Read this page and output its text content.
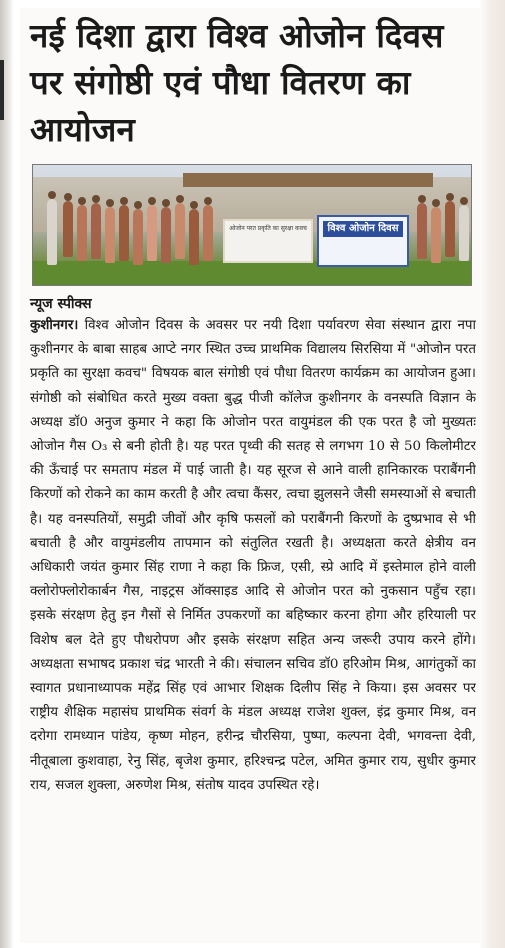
नई दिशा द्वारा विश्व ओजोन दिवस पर संगोष्ठी एवं पौधा वितरण का आयोजन
ओजोन परत प्रकृति का सुरक्षा कवच	विश्व ओजोन दिवस
न्यूज स्पीक्स

कुशीनगर। विश्व ओजोन दिवस के अवसर पर नयी दिशा पर्यावरण सेवा संस्थान द्वारा नपा कुशीनगर के बाबा साहब आप्टे नगर स्थित उच्च प्राथमिक विद्यालय सिरसिया में "ओजोन परत प्रकृति का सुरक्षा कवच" विषयक बाल संगोष्ठी एवं पौधा वितरण कार्यक्रम का आयोजन हुआ। संगोष्ठी को संबोधित करते मुख्य वक्ता बुद्ध पीजी कॉलेज कुशीनगर के वनस्पति विज्ञान के अध्यक्ष डॉ0 अनुज कुमार ने कहा कि ओजोन परत वायुमंडल की एक परत है जो मुख्यतः ओजोन गैस O₃ से बनी होती है। यह परत पृथ्वी की सतह से लगभग 10 से 50 किलोमीटर की ऊँचाई पर समताप मंडल में पाई जाती है। यह सूरज से आने वाली हानिकारक पराबैंगनी किरणों को रोकने का काम करती है और त्वचा कैंसर, त्वचा झुलसने जैसी समस्याओं से बचाती है। यह वनस्पतियों, समुद्री जीवों और कृषि फसलों को पराबैंगनी किरणों के दुष्प्रभाव से भी बचाती है और वायुमंडलीय तापमान को संतुलित रखती है। अध्यक्षता करते क्षेत्रीय वन अधिकारी जयंत कुमार सिंह राणा ने कहा कि फ्रिज, एसी, स्प्रे आदि में इस्तेमाल होने वाली क्लोरोफ्लोरोकार्बन गैस, नाइट्रस ऑक्साइड आदि से ओजोन परत को नुकसान पहुँच रहा। इसके संरक्षण हेतु इन गैसों से निर्मित उपकरणों का बहिष्कार करना होगा और हरियाली पर विशेष बल देते हुए पौधरोपण और इसके संरक्षण सहित अन्य जरूरी उपाय करने होंगे। अध्यक्षता सभाषद प्रकाश चंद्र भारती ने की। संचालन सचिव डॉ0 हरिओम मिश्र, आगंतुकों का स्वागत प्रधानाध्यापक महेंद्र सिंह एवं आभार शिक्षक दिलीप सिंह ने किया। इस अवसर पर राष्ट्रीय शैक्षिक महासंघ प्राथमिक संवर्ग के मंडल अध्यक्ष राजेश शुक्ल, इंद्र कुमार मिश्र, वन दरोगा रामध्यान पांडेय, कृष्ण मोहन, हरीन्द्र चौरसिया, पुष्पा, कल्पना देवी, भगवन्ता देवी, नीतूबाला कुशवाहा, रेनु सिंह, बृजेश कुमार, हरिश्चन्द्र पटेल, अमित कुमार राय, सुधीर कुमार राय, सजल शुक्ला, अरुणेश मिश्र, संतोष यादव उपस्थित रहे।
